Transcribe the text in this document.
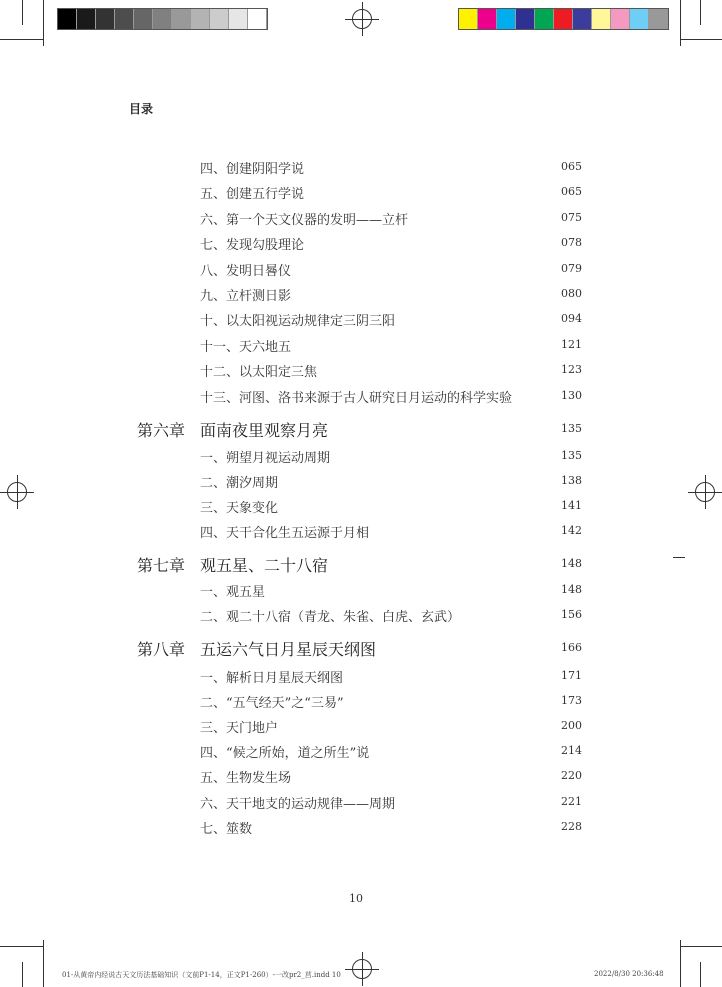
目录
四、创建阴阳学说	065
五、创建五行学说	065
六、第一个天文仪器的发明——立杆	075
七、发现勾股理论	078
八、发明日晷仪	079
九、立杆测日影	080
十、以太阳视运动规律定三阴三阳	094
十一、天六地五	121
十二、以太阳定三焦	123
十三、河图、洛书来源于古人研究日月运动的科学实验	130
第六章 面南夜里观察月亮	135
一、朔望月视运动周期	135
二、潮汐周期	138
三、天象变化	141
四、天干合化生五运源于月相	142
第七章 观五星、二十八宿	148
一、观五星	148
二、观二十八宿（青龙、朱雀、白虎、玄武）	156
第八章 五运六气日月星辰天纲图	166
一、解析日月星辰天纲图	171
二、“五气经天”之“三易”	173
三、天门地户	200
四、“候之所始，道之所生”说	214
五、生物发生场	220
六、天干地支的运动规律——周期	221
七、筮数	228
10
01-从黄帝内经说古天文历法基础知识（文前P1-14，正文P1-260）-一改pr2_莒.indd 10	2022/8/30 20:36:48
